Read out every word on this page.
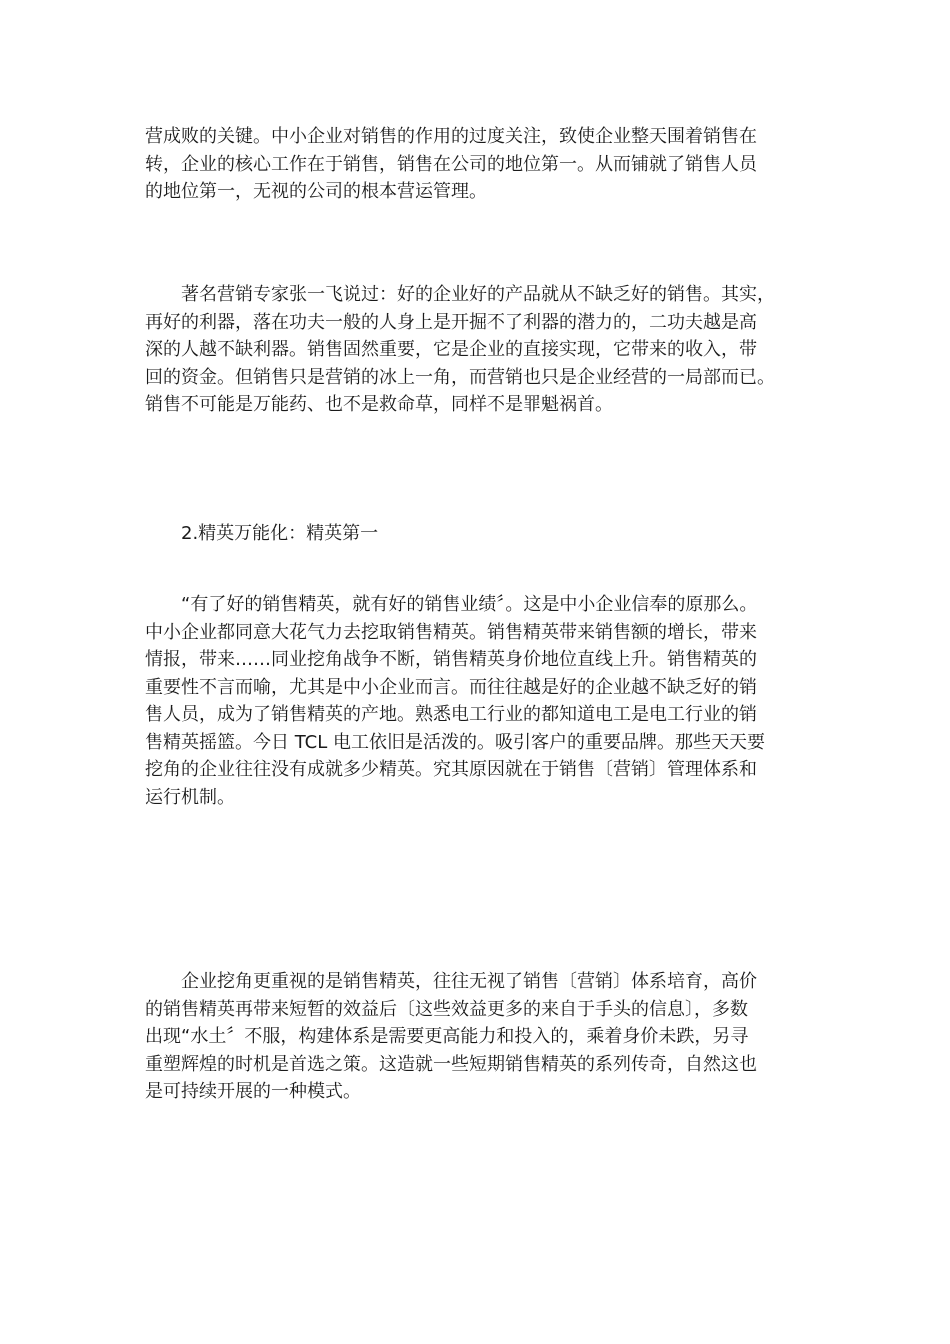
营成败的关键。中小企业对销售的作用的过度关注，致使企业整天围着销售在
转，企业的核心工作在于销售，销售在公司的地位第一。从而铺就了销售人员
的地位第一，无视的公司的根本营运管理。
著名营销专家张一飞说过：好的企业好的产品就从不缺乏好的销售。其实，
再好的利器，落在功夫一般的人身上是开掘不了利器的潜力的，二功夫越是高
深的人越不缺利器。销售固然重要，它是企业的直接实现，它带来的收入，带
回的资金。但销售只是营销的冰上一角，而营销也只是企业经营的一局部而已。
销售不可能是万能药、也不是救命草，同样不是罪魁祸首。
2.精英万能化：精英第一
“有了好的销售精英，就有好的销售业绩〞。这是中小企业信奉的原那么。
中小企业都同意大花气力去挖取销售精英。销售精英带来销售额的增长，带来
情报，带来……同业挖角战争不断，销售精英身价地位直线上升。销售精英的
重要性不言而喻，尤其是中小企业而言。而往往越是好的企业越不缺乏好的销
售人员，成为了销售精英的产地。熟悉电工行业的都知道电工是电工行业的销
售精英摇篮。今日 TCL 电工依旧是活泼的。吸引客户的重要品牌。那些天天要
挖角的企业往往没有成就多少精英。究其原因就在于销售〔营销〕管理体系和
运行机制。
企业挖角更重视的是销售精英，往往无视了销售〔营销〕体系培育，高价
的销售精英再带来短暂的效益后〔这些效益更多的来自于手头的信息〕，多数
出现“水土〞不服，构建体系是需要更高能力和投入的，乘着身价未跌，另寻
重塑辉煌的时机是首选之策。这造就一些短期销售精英的系列传奇，自然这也
是可持续开展的一种模式。
